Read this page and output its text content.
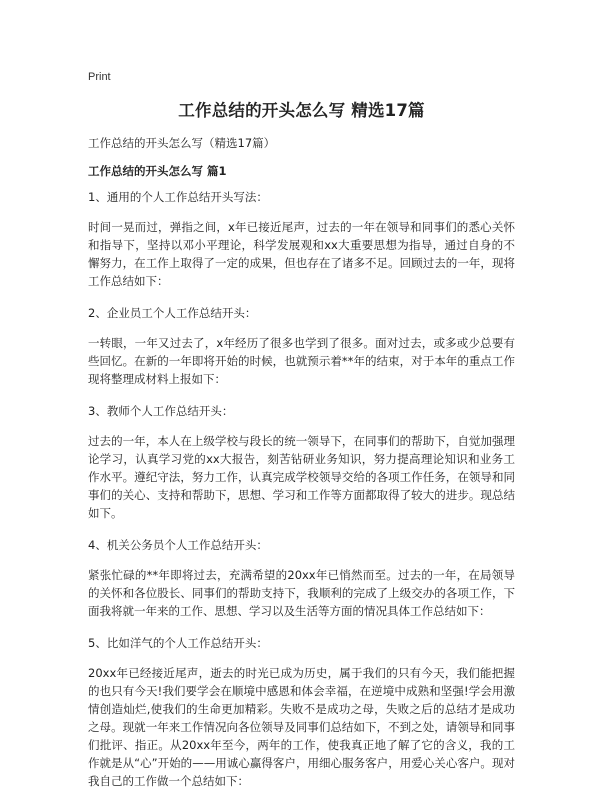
Print
工作总结的开头怎么写 精选17篇
工作总结的开头怎么写（精选17篇）
工作总结的开头怎么写 篇1
1、通用的个人工作总结开头写法：
时间一晃而过，弹指之间，x年已接近尾声，过去的一年在领导和同事们的悉心关怀和指导下，坚持以邓小平理论，科学发展观和xx大重要思想为指导，通过自身的不懈努力，在工作上取得了一定的成果，但也存在了诸多不足。回顾过去的一年，现将工作总结如下：
2、企业员工个人工作总结开头：
一转眼，一年又过去了，x年经历了很多也学到了很多。面对过去，或多或少总要有些回忆。在新的一年即将开始的时候，也就预示着**年的结束，对于本年的重点工作现将整理成材料上报如下：
3、教师个人工作总结开头：
过去的一年，本人在上级学校与段长的统一领导下，在同事们的帮助下，自觉加强理论学习，认真学习党的xx大报告，刻苦钻研业务知识，努力提高理论知识和业务工作水平。遵纪守法，努力工作，认真完成学校领导交给的各项工作任务，在领导和同事们的关心、支持和帮助下，思想、学习和工作等方面都取得了较大的进步。现总结如下。
4、机关公务员个人工作总结开头：
紧张忙碌的**年即将过去，充满希望的20xx年已悄然而至。过去的一年，在局领导的关怀和各位股长、同事们的帮助支持下，我顺利的完成了上级交办的各项工作，下面我将就一年来的工作、思想、学习以及生活等方面的情况具体工作总结如下：
5、比如洋气的个人工作总结开头：
20xx年已经接近尾声，逝去的时光已成为历史，属于我们的只有今天，我们能把握的也只有今天!我们要学会在顺境中感恩和体会幸福，在逆境中成熟和坚强!学会用激情创造灿烂,使我们的生命更加精彩。失败不是成功之母，失败之后的总结才是成功之母。现就一年来工作情况向各位领导及同事们总结如下，不到之处，请领导和同事们批评、指正。从20xx年至今，两年的工作，使我真正地了解了它的含义，我的工作就是从“心”开始的——用诚心赢得客户，用细心服务客户，用爱心关心客户。现对我自己的工作做一个总结如下：
